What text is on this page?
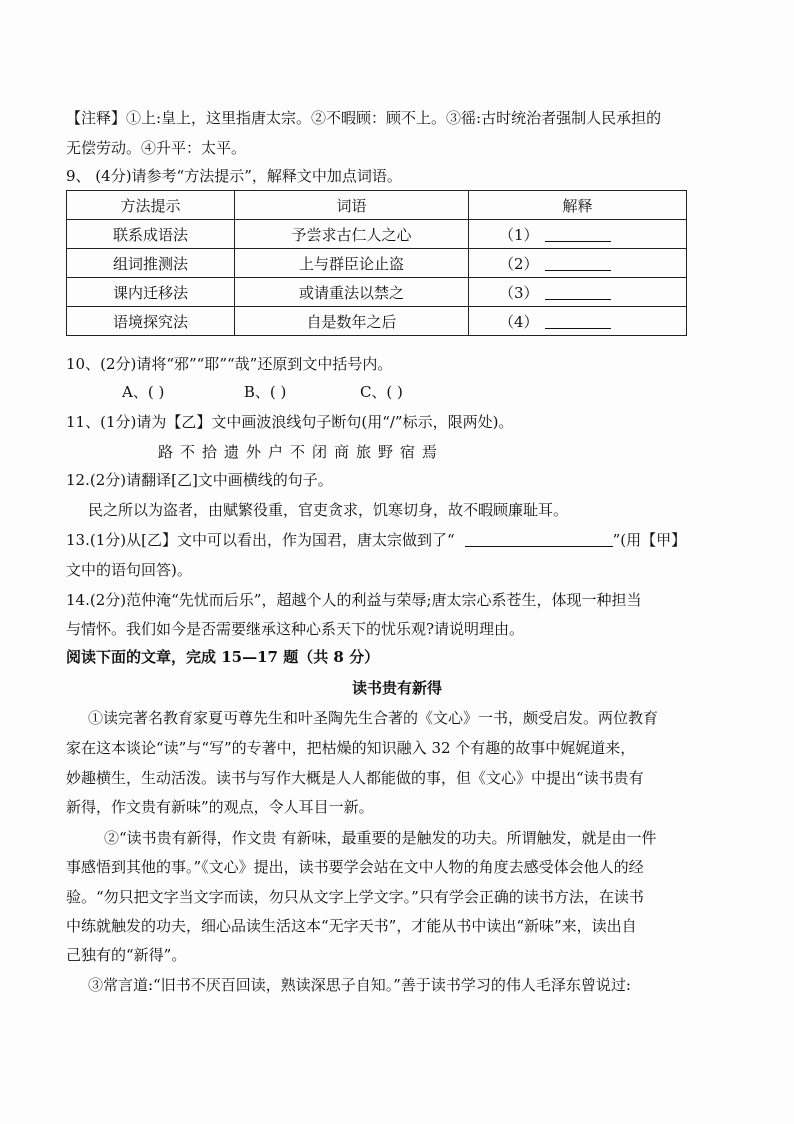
【注释】①上:皇上，这里指唐太宗。②不暇顾：顾不上。③徭:古时统治者强制人民承担的
无偿劳动。④升平：太平。
9、 (4分)请参考“方法提示”，解释文中加点词语。
方法提示	词语	解释
联系成语法	予尝求古仁人之心	（1）
组词推测法	上与群臣论止盗	（2）
课内迁移法	或请重法以禁之	（3）
语境探究法	自是数年之后	（4）
10、(2分)请将“邪”“耶”“哉”还原到文中括号内。
A、( )	B、( )	C、( )
11、(1分)请为【乙】文中画波浪线句子断句(用“/”标示，限两处)。
路不拾遗外户不闭商旅野宿焉
12.(2分)请翻译[乙]文中画横线的句子。
民之所以为盗者，由赋繁役重，官吏贪求，饥寒切身，故不暇顾廉耻耳。
13.(1分)从[乙】文中可以看出，作为国君，唐太宗做到了“	”(用【甲】
文中的语句回答)。
14.(2分)范仲淹“先忧而后乐”，超越个人的利益与荣辱;唐太宗心系苍生，体现一种担当
与情怀。我们如今是否需要继承这种心系天下的忧乐观?请说明理由。
阅读下面的文章，完成 15—17 题（共 8 分）
读书贵有新得
①读完著名教育家夏丏尊先生和叶圣陶先生合著的《文心》一书，颇受启发。两位教育
家在这本谈论“读”与“写”的专著中，把枯燥的知识融入 32 个有趣的故事中娓娓道来，
妙趣横生，生动活泼。读书与写作大概是人人都能做的事，但《文心》中提出“读书贵有
新得，作文贵有新味”的观点，令人耳目一新。
②“读书贵有新得，作文贵 有新味，最重要的是触发的功夫。所谓触发，就是由一件
事感悟到其他的事。”《文心》提出，读书要学会站在文中人物的角度去感受体会他人的经
验。“勿只把文字当文字而读，勿只从文字上学文字。”只有学会正确的读书方法，在读书
中练就触发的功夫，细心品读生活这本“无字天书”，才能从书中读出“新味”来，读出自
己独有的“新得”。
③常言道:“旧书不厌百回读，熟读深思子自知。”善于读书学习的伟人毛泽东曾说过:
